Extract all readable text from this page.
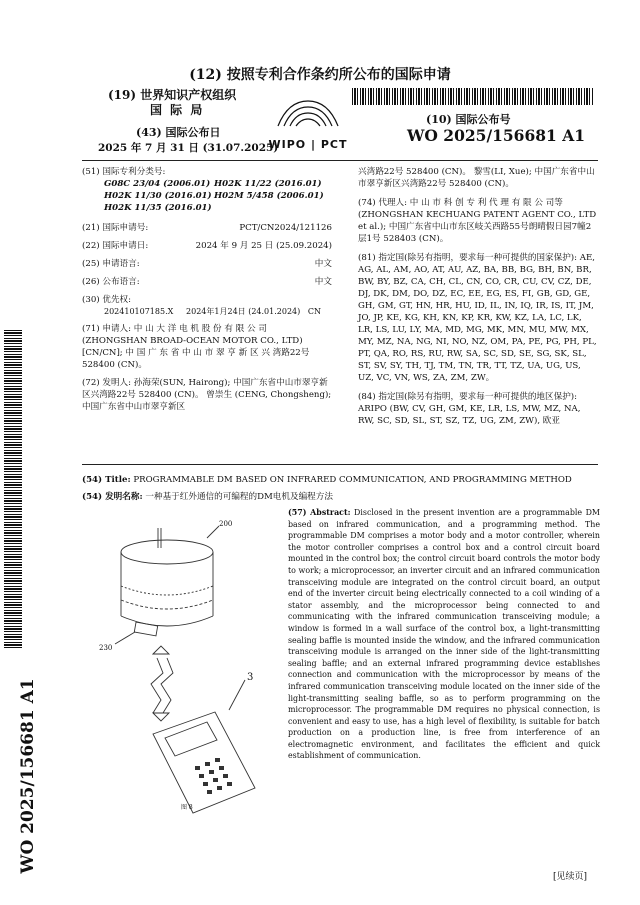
(12) 按照专利合作条约所公布的国际申请
(19) 世界知识产权组织
国 际 局
WIPO | PCT
(43) 国际公布日
2025 年 7 月 31 日 (31.07.2025)
(10) 国际公布号
WO 2025/156681 A1
(51) 国际专利分类号:
G08C 23/04 (2006.01) H02K 11/22 (2016.01)
H02K 11/30 (2016.01) H02M 5/458 (2006.01)
H02K 11/35 (2016.01)
(21) 国际申请号:	PCT/CN2024/121126
(22) 国际申请日:	2024 年 9 月 25 日 (25.09.2024)
(25) 申请语言:	中文
(26) 公布语言:	中文
(30) 优先权:
202410107185.X     2024年1月24日 (24.01.2024)   CN
(71) 申请人: 中 山 大 洋 电 机 股 份 有 限 公 司 (ZHONGSHAN BROAD-OCEAN MOTOR CO., LTD) [CN/CN]; 中 国 广 东 省 中 山 市 翠 亨 新 区 兴 湾路22号 528400 (CN)。
(72) 发明人: 孙海荣(SUN, Hairong); 中国广东省中山市翠亨新区兴湾路22号 528400 (CN)。 曾崇生 (CENG, Chongsheng); 中国广东省中山市翠亨新区
兴湾路22号 528400 (CN)。 黎雪(LI, Xue); 中国广东省中山市翠亨新区兴湾路22号 528400 (CN)。
(74) 代理人: 中 山 市 科 创 专 利 代 理 有 限 公 司等 (ZHONGSHAN KECHUANG PATENT AGENT CO., LTD et al.); 中国广东省中山市东区岐关西路55号朗晴假日园7幢2层1号 528403 (CN)。
(81) 指定国(除另有指明，要求每一种可提供的国家保护): AE, AG, AL, AM, AO, AT, AU, AZ, BA, BB, BG, BH, BN, BR, BW, BY, BZ, CA, CH, CL, CN, CO, CR, CU, CV, CZ, DE, DJ, DK, DM, DO, DZ, EC, EE, EG, ES, FI, GB, GD, GE, GH, GM, GT, HN, HR, HU, ID, IL, IN, IQ, IR, IS, IT, JM, JO, JP, KE, KG, KH, KN, KP, KR, KW, KZ, LA, LC, LK, LR, LS, LU, LY, MA, MD, MG, MK, MN, MU, MW, MX, MY, MZ, NA, NG, NI, NO, NZ, OM, PA, PE, PG, PH, PL, PT, QA, RO, RS, RU, RW, SA, SC, SD, SE, SG, SK, SL, ST, SV, SY, TH, TJ, TM, TN, TR, TT, TZ, UA, UG, US, UZ, VC, VN, WS, ZA, ZM, ZW。
(84) 指定国(除另有指明，要求每一种可提供的地区保护): ARIPO (BW, CV, GH, GM, KE, LR, LS, MW, MZ, NA, RW, SC, SD, SL, ST, SZ, TZ, UG, ZM, ZW), 欧亚
(54) Title: PROGRAMMABLE DM BASED ON INFRARED COMMUNICATION, AND PROGRAMMING METHOD
(54) 发明名称: 一种基于红外通信的可编程的DM电机及编程方法
200
230
3
图 8
(57) Abstract: Disclosed in the present invention are a programmable DM based on infrared communication, and a programming method. The programmable DM comprises a motor body and a motor controller, wherein the motor controller comprises a control box and a control circuit board mounted in the control box; the control circuit board controls the motor body to work; a microprocessor, an inverter circuit and an infrared communication transceiving module are integrated on the control circuit board, an output end of the inverter circuit being electrically connected to a coil winding of a stator assembly, and the microprocessor being connected to and communicating with the infrared communication transceiving module; a window is formed in a wall surface of the control box, a light-transmitting sealing baffle is mounted inside the window, and the infrared communication transceiving module is arranged on the inner side of the light-transmitting sealing baffle; and an external infrared programming device establishes connection and communication with the microprocessor by means of the infrared communication transceiving module located on the inner side of the light-transmitting sealing baffle, so as to perform programming on the microprocessor. The programmable DM requires no physical connection, is convenient and easy to use, has a high level of flexibility, is suitable for batch production on a production line, is free from interference of an electromagnetic environment, and facilitates the efficient and quick establishment of communication.
WO 2025/156681 A1
[见续页]
